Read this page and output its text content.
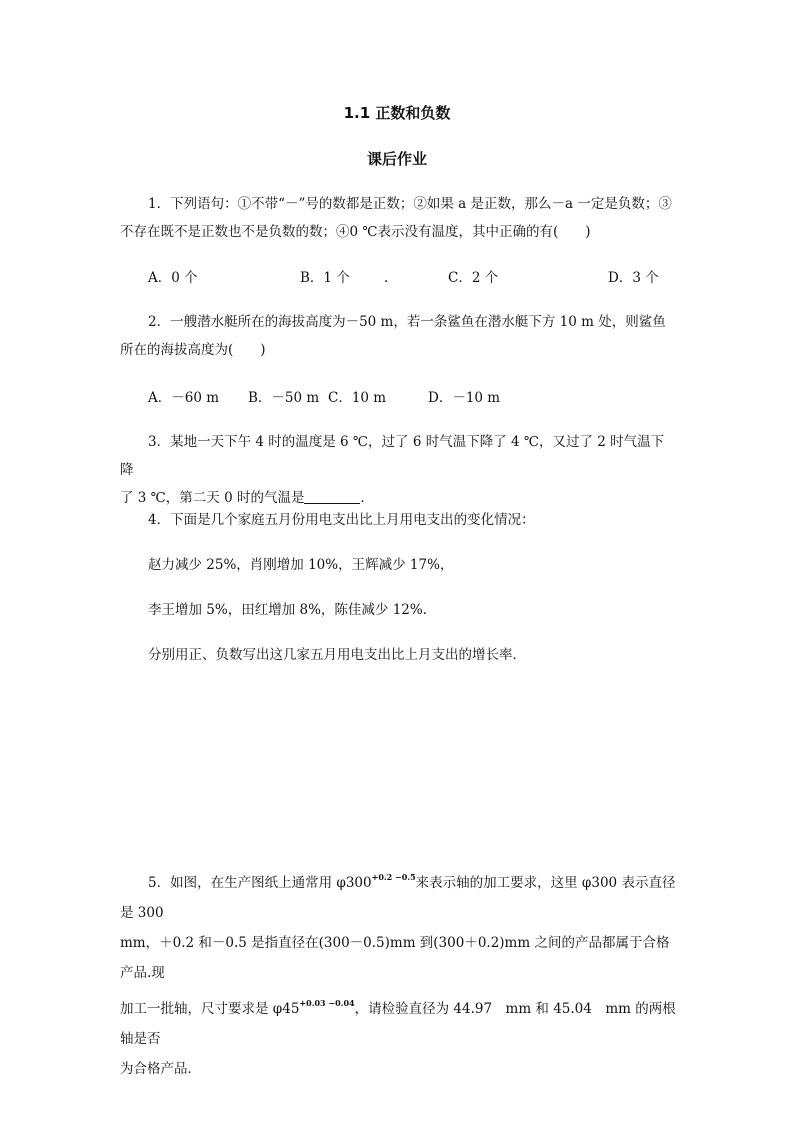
1.1 正数和负数
课后作业
1．下列语句：①不带“－”号的数都是正数；②如果 a 是正数，那么－a 一定是负数；③
不存在既不是正数也不是负数的数；④0 ℃表示没有温度，其中正确的有(　　)
A．0 个	B．1 个	.	C．2 个	D．3 个
2．一艘潜水艇所在的海拔高度为－50 m，若一条鲨鱼在潜水艇下方 10 m 处，则鲨鱼
所在的海拔高度为(　　)
A．－60 m B．－50 m C．10 m	D．－10 m
3．某地一天下午 4 时的温度是 6 ℃，过了 6 时气温下降了 4 ℃，又过了 2 时气温下降
了 3 ℃，第二天 0 时的气温是	．
4．下面是几个家庭五月份用电支出比上月用电支出的变化情况：
赵力减少 25%，肖刚增加 10%，王辉减少 17%，
李王增加 5%，田红增加 8%，陈佳减少 12%.
分别用正、负数写出这几家五月用电支出比上月支出的增长率．
5．如图，在生产图纸上通常用 $\varphi 300^{+0.2 -0.5}$来表示轴的加工要求，这里 φ300 表示直径是 300
mm，＋0.2 和－0.5 是指直径在(300－0.5)mm 到(300＋0.2)mm 之间的产品都属于合格产品.现
加工一批轴，尺寸要求是 $\varphi 45^{+0.03 -0.04}$，请检验直径为 44.97　mm 和 45.04　mm 的两根轴是否
为合格产品．
